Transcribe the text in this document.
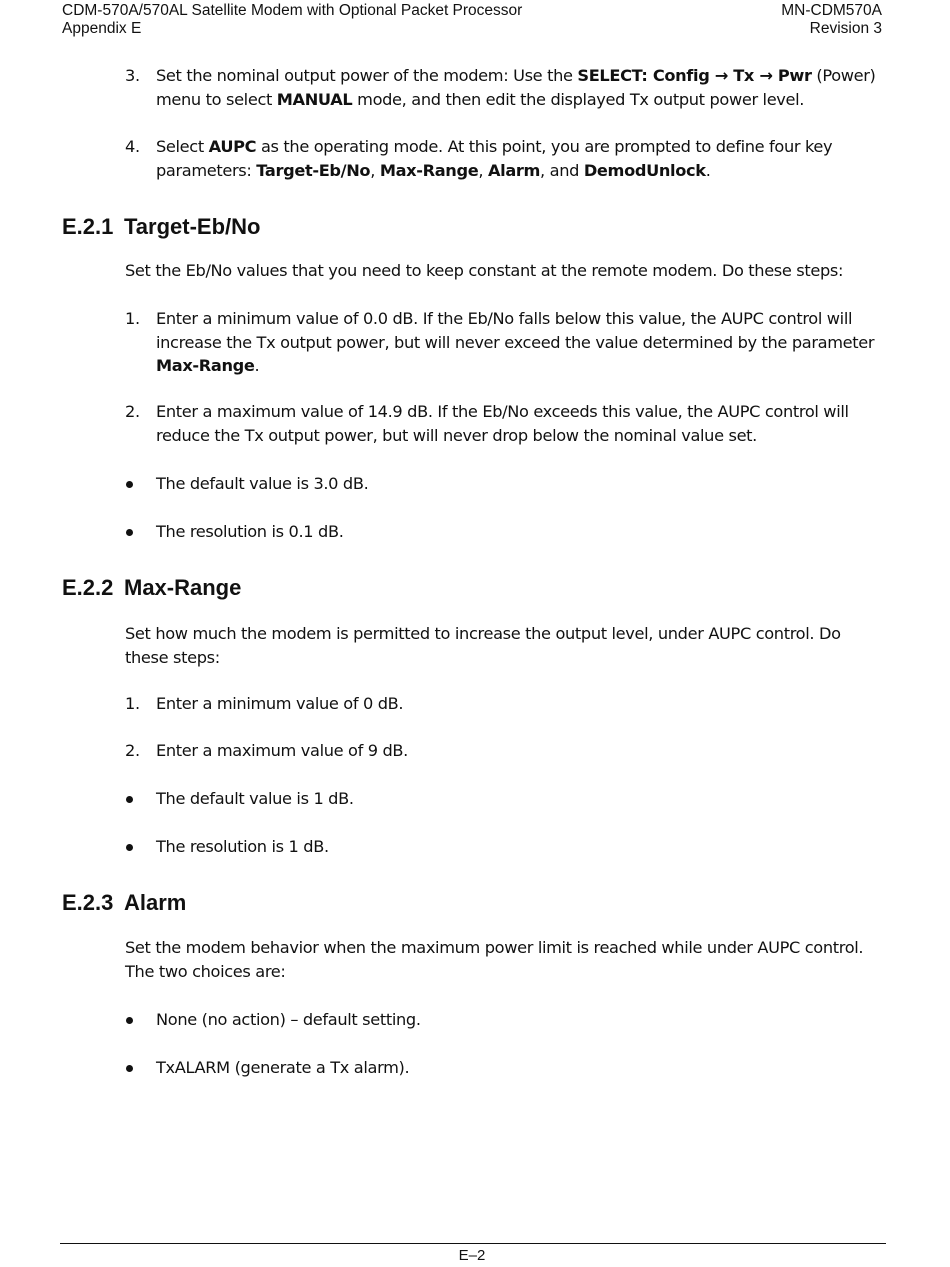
CDM-570A/570AL Satellite Modem with Optional Packet Processor
Appendix E
MN-CDM570A
Revision 3
3. Set the nominal output power of the modem: Use the SELECT: Config → Tx → Pwr (Power) menu to select MANUAL mode, and then edit the displayed Tx output power level.
4. Select AUPC as the operating mode. At this point, you are prompted to define four key parameters: Target-Eb/No, Max-Range, Alarm, and DemodUnlock.
E.2.1 Target-Eb/No
Set the Eb/No values that you need to keep constant at the remote modem. Do these steps:
1. Enter a minimum value of 0.0 dB. If the Eb/No falls below this value, the AUPC control will increase the Tx output power, but will never exceed the value determined by the parameter Max-Range.
2. Enter a maximum value of 14.9 dB. If the Eb/No exceeds this value, the AUPC control will reduce the Tx output power, but will never drop below the nominal value set.
The default value is 3.0 dB.
The resolution is 0.1 dB.
E.2.2 Max-Range
Set how much the modem is permitted to increase the output level, under AUPC control. Do these steps:
1. Enter a minimum value of 0 dB.
2. Enter a maximum value of 9 dB.
The default value is 1 dB.
The resolution is 1 dB.
E.2.3 Alarm
Set the modem behavior when the maximum power limit is reached while under AUPC control. The two choices are:
None (no action) – default setting.
TxALARM (generate a Tx alarm).
E–2
